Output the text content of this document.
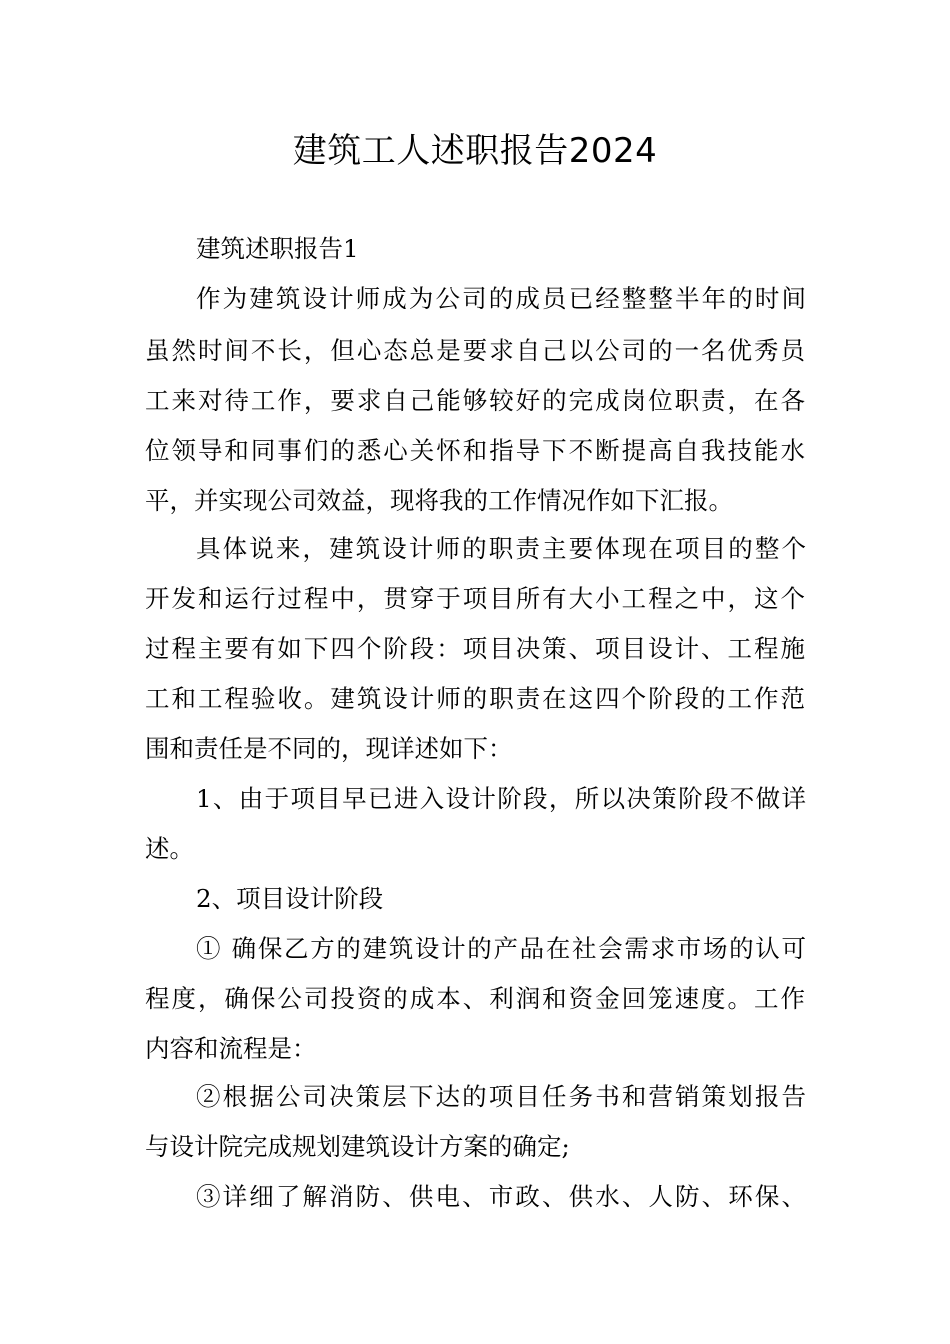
建筑工人述职报告2024
建筑述职报告1
作为建筑设计师成为公司的成员已经整整半年的时间
虽然时间不长，但心态总是要求自己以公司的一名优秀员
工来对待工作，要求自己能够较好的完成岗位职责，在各
位领导和同事们的悉心关怀和指导下不断提高自我技能水
平，并实现公司效益，现将我的工作情况作如下汇报。
具体说来，建筑设计师的职责主要体现在项目的整个
开发和运行过程中，贯穿于项目所有大小工程之中，这个
过程主要有如下四个阶段：项目决策、项目设计、工程施
工和工程验收。建筑设计师的职责在这四个阶段的工作范
围和责任是不同的，现详述如下：
1、由于项目早已进入设计阶段，所以决策阶段不做详
述。
2、项目设计阶段
① 确保乙方的建筑设计的产品在社会需求市场的认可
程度，确保公司投资的成本、利润和资金回笼速度。工作
内容和流程是：
②根据公司决策层下达的项目任务书和营销策划报告
与设计院完成规划建筑设计方案的确定;
③详细了解消防、供电、市政、供水、人防、环保、
